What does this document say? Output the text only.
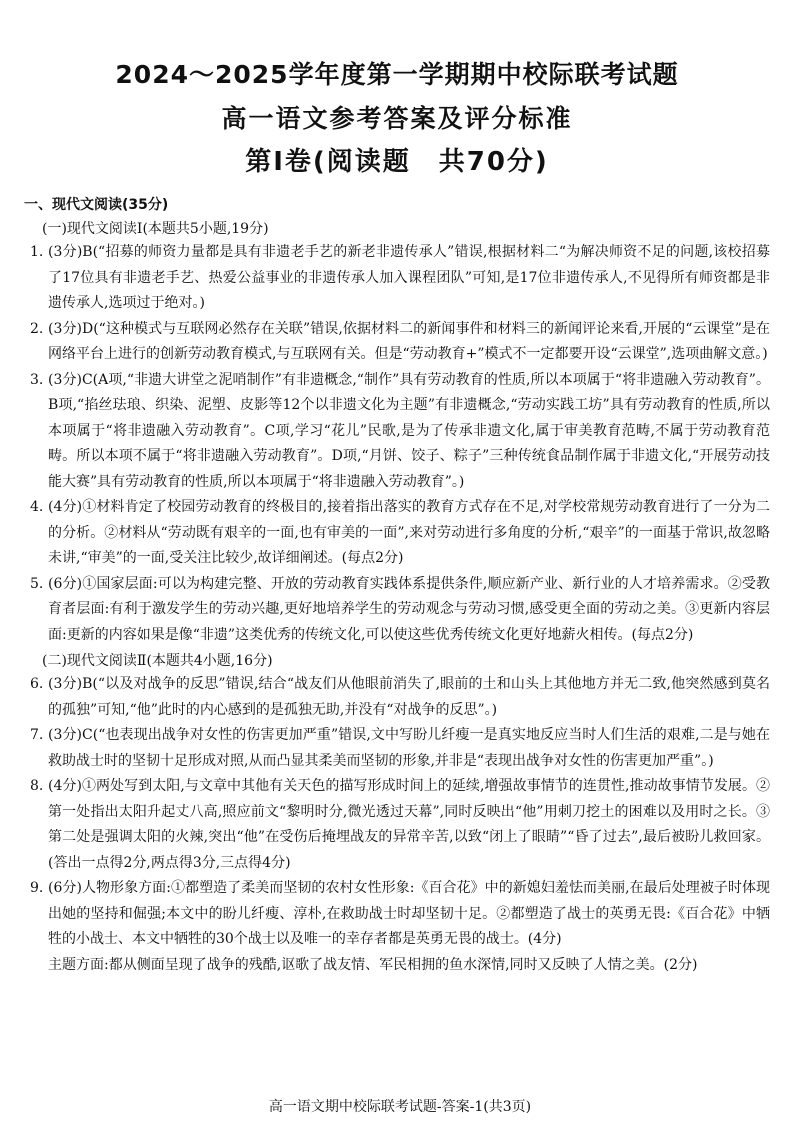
2024～2025学年度第一学期期中校际联考试题
高一语文参考答案及评分标准
第Ⅰ卷(阅读题　共70分)
一、现代文阅读(35分)
(一)现代文阅读Ⅰ(本题共5小题,19分)
1. (3分)B(“招募的师资力量都是具有非遗老手艺的新老非遗传承人”错误,根据材料二“为解决师资不足的问题,该校招募了17位具有非遗老手艺、热爱公益事业的非遗传承人加入课程团队”可知,是17位非遗传承人,不见得所有师资都是非遗传承人,选项过于绝对。)
2. (3分)D(“这种模式与互联网必然存在关联”错误,依据材料二的新闻事件和材料三的新闻评论来看,开展的“云课堂”是在网络平台上进行的创新劳动教育模式,与互联网有关。但是“劳动教育+”模式不一定都要开设“云课堂”,选项曲解文意。)
3. (3分)C(A项,“非遗大讲堂之泥哨制作”有非遗概念,“制作”具有劳动教育的性质,所以本项属于“将非遗融入劳动教育”。B项,“掐丝珐琅、织染、泥塑、皮影等12个以非遗文化为主题”有非遗概念,“劳动实践工坊”具有劳动教育的性质,所以本项属于“将非遗融入劳动教育”。C项,学习“花儿”民歌,是为了传承非遗文化,属于审美教育范畴,不属于劳动教育范畴。所以本项不属于“将非遗融入劳动教育”。D项,“月饼、饺子、粽子”三种传统食品制作属于非遗文化,“开展劳动技能大赛”具有劳动教育的性质,所以本项属于“将非遗融入劳动教育”。)
4. (4分)①材料肯定了校园劳动教育的终极目的,接着指出落实的教育方式存在不足,对学校常规劳动教育进行了一分为二的分析。②材料从“劳动既有艰辛的一面,也有审美的一面”,来对劳动进行多角度的分析,“艰辛”的一面基于常识,故忽略未讲,“审美”的一面,受关注比较少,故详细阐述。(每点2分)
5. (6分)①国家层面:可以为构建完整、开放的劳动教育实践体系提供条件,顺应新产业、新行业的人才培养需求。②受教育者层面:有利于激发学生的劳动兴趣,更好地培养学生的劳动观念与劳动习惯,感受更全面的劳动之美。③更新内容层面:更新的内容如果是像“非遗”这类优秀的传统文化,可以使这些优秀传统文化更好地薪火相传。(每点2分)
(二)现代文阅读Ⅱ(本题共4小题,16分)
6. (3分)B(“以及对战争的反思”错误,结合“战友们从他眼前消失了,眼前的土和山头上其他地方并无二致,他突然感到莫名的孤独”可知,“他”此时的内心感到的是孤独无助,并没有“对战争的反思”。)
7. (3分)C(“也表现出战争对女性的伤害更加严重”错误,文中写盼儿纤瘦一是真实地反应当时人们生活的艰难,二是与她在救助战士时的坚韧十足形成对照,从而凸显其柔美而坚韧的形象,并非是“表现出战争对女性的伤害更加严重”。)
8. (4分)①两处写到太阳,与文章中其他有关天色的描写形成时间上的延续,增强故事情节的连贯性,推动故事情节发展。②第一处指出太阳升起丈八高,照应前文“黎明时分,微光透过天幕”,同时反映出“他”用刺刀挖土的困难以及用时之长。③第二处是强调太阳的火辣,突出“他”在受伤后掩埋战友的异常辛苦,以致“闭上了眼睛”“昏了过去”,最后被盼儿救回家。(答出一点得2分,两点得3分,三点得4分)
9. (6分)人物形象方面:①都塑造了柔美而坚韧的农村女性形象:《百合花》中的新媳妇羞怯而美丽,在最后处理被子时体现出她的坚持和倔强;本文中的盼儿纤瘦、淳朴,在救助战士时却坚韧十足。②都塑造了战士的英勇无畏:《百合花》中牺牲的小战士、本文中牺牲的30个战士以及唯一的幸存者都是英勇无畏的战士。(4分)
主题方面:都从侧面呈现了战争的残酷,讴歌了战友情、军民相拥的鱼水深情,同时又反映了人情之美。(2分)
高一语文期中校际联考试题-答案-1(共3页)
